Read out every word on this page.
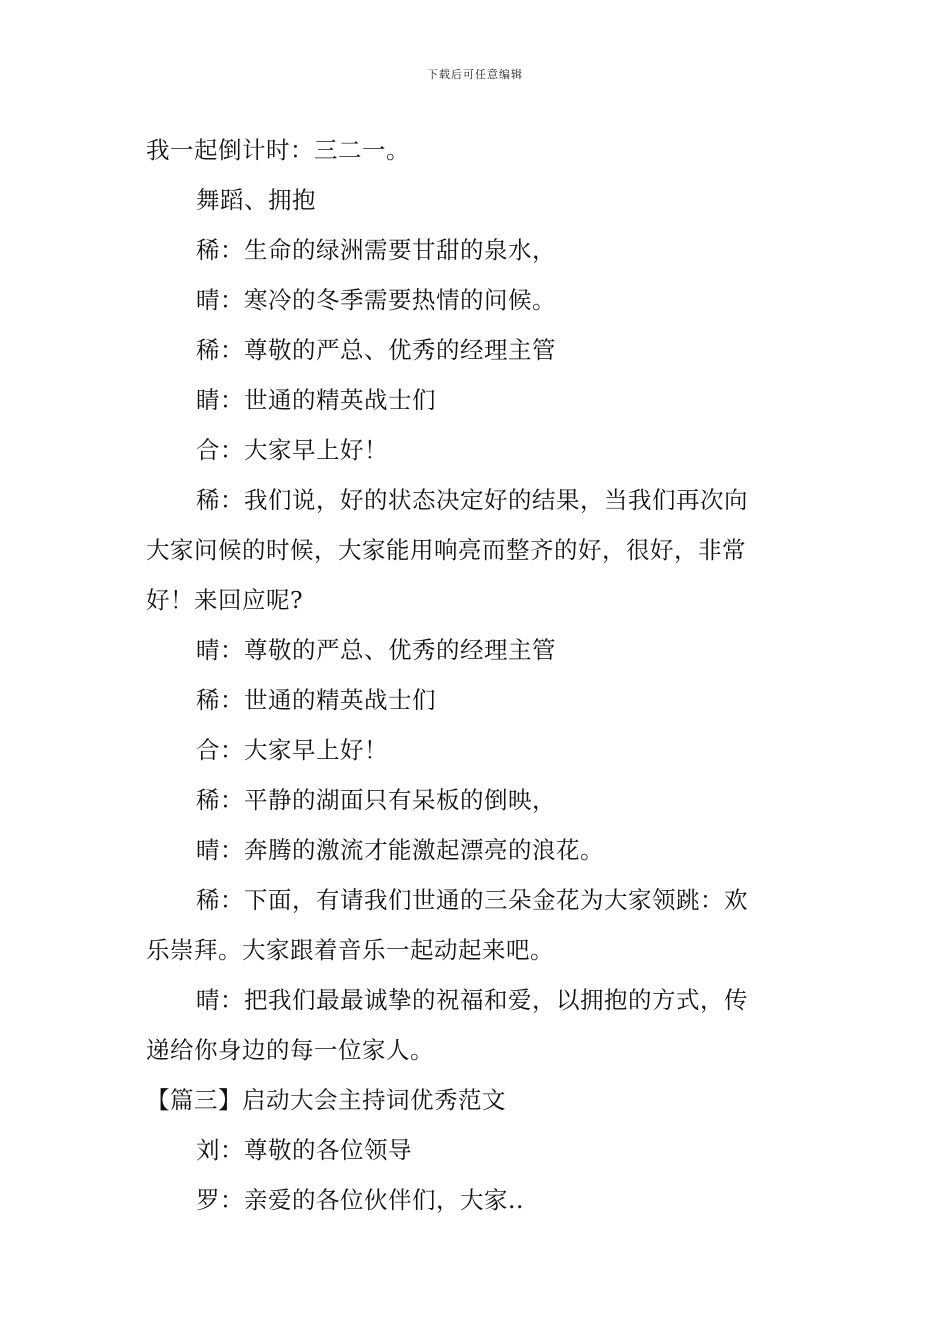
下载后可任意编辑
我一起倒计时：三二一。
舞蹈、拥抱
稀：生命的绿洲需要甘甜的泉水，
晴：寒冷的冬季需要热情的问候。
稀：尊敬的严总、优秀的经理主管
睛：世通的精英战士们
合：大家早上好！
稀：我们说，好的状态决定好的结果，当我们再次向
大家问候的时候，大家能用响亮而整齐的好，很好，非常
好！来回应呢?
晴：尊敬的严总、优秀的经理主管
稀：世通的精英战士们
合：大家早上好！
稀：平静的湖面只有呆板的倒映，
晴：奔腾的激流才能激起漂亮的浪花。
稀：下面，有请我们世通的三朵金花为大家领跳：欢
乐崇拜。大家跟着音乐一起动起来吧。
晴：把我们最最诚挚的祝福和爱，以拥抱的方式，传
递给你身边的每一位家人。
【篇三】启动大会主持词优秀范文
刘：尊敬的各位领导
罗：亲爱的各位伙伴们，大家..
